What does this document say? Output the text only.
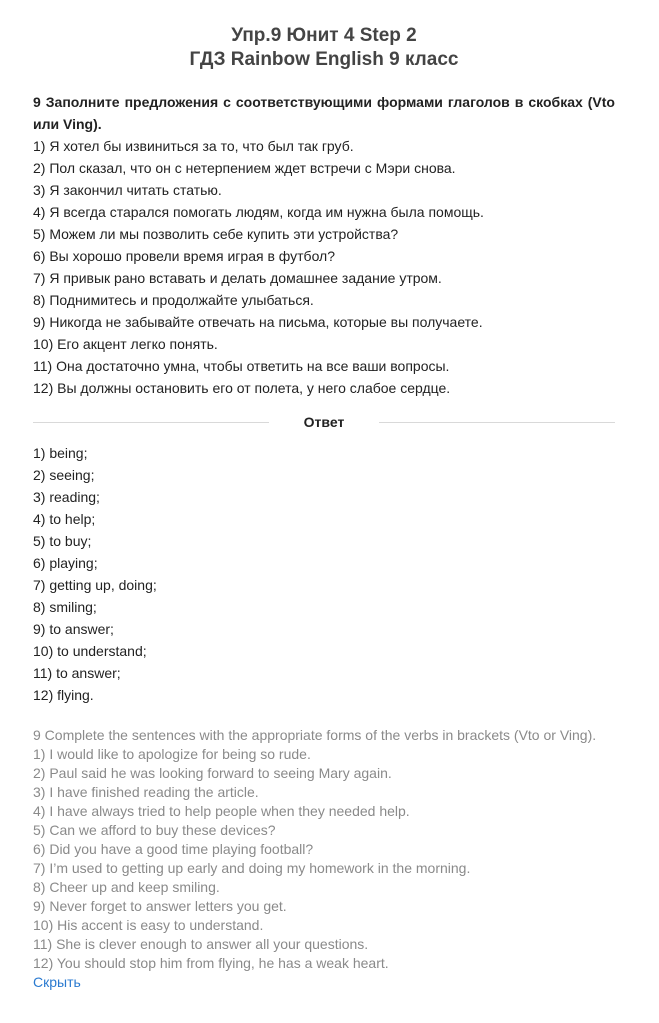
Упр.9 Юнит 4 Step 2
ГДЗ Rainbow English 9 класс
9 Заполните предложения с соответствующими формами глаголов в скобках (Vto или Ving).
1) Я хотел бы извиниться за то, что был так груб.
2) Пол сказал, что он с нетерпением ждет встречи с Мэри снова.
3) Я закончил читать статью.
4) Я всегда старался помогать людям, когда им нужна была помощь.
5) Можем ли мы позволить себе купить эти устройства?
6) Вы хорошо провели время играя в футбол?
7) Я привык рано вставать и делать домашнее задание утром.
8) Поднимитесь и продолжайте улыбаться.
9) Никогда не забывайте отвечать на письма, которые вы получаете.
10) Его акцент легко понять.
11) Она достаточно умна, чтобы ответить на все ваши вопросы.
12) Вы должны остановить его от полета, у него слабое сердце.
Ответ
1) being;
2) seeing;
3) reading;
4) to help;
5) to buy;
6) playing;
7) getting up, doing;
8) smiling;
9) to answer;
10) to understand;
11) to answer;
12) flying.
9 Complete the sentences with the appropriate forms of the verbs in brackets (Vto or Ving).
1) I would like to apologize for being so rude.
2) Paul said he was looking forward to seeing Mary again.
3) I have finished reading the article.
4) I have always tried to help people when they needed help.
5) Can we afford to buy these devices?
6) Did you have a good time playing football?
7) I’m used to getting up early and doing my homework in the morning.
8) Cheer up and keep smiling.
9) Never forget to answer letters you get.
10) His accent is easy to understand.
11) She is clever enough to answer all your questions.
12) You should stop him from flying, he has a weak heart.
Скрыть
